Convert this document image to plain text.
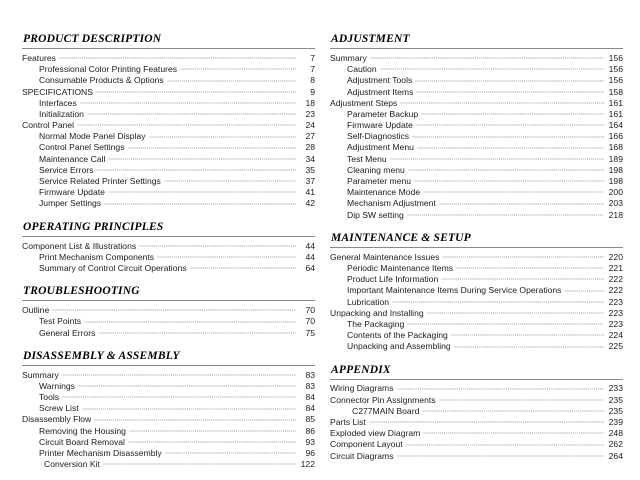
PRODUCT DESCRIPTION
Features	7
Professional Color Printing Features	7
Consumable Products & Options	8
SPECIFICATIONS	9
Interfaces	18
Initialization	23
Control Panel	24
Normal Mode Panel Display	27
Control Panel Settings	28
Maintenance Call	34
Service Errors	35
Service Related Printer Settings	37
Firmware Update	41
Jumper Settings	42
OPERATING PRINCIPLES
Component List & Illustrations	44
Print Mechanism Components	44
Summary of Control Circuit Operations	64
TROUBLESHOOTING
Outline	70
Test Points	70
General Errors	75
DISASSEMBLY & ASSEMBLY
Summary	83
Warnings	83
Tools	84
Screw List	84
Disassembly Flow	85
Removing the Housing	86
Circuit Board Removal	93
Printer Mechanism Disassembly	96
Conversion Kit	122
ADJUSTMENT
Summary	156
Caution	156
Adjustment Tools	156
Adjustment Items	158
Adjustment Steps	161
Parameter Backup	161
Firmware Update	164
Self-Diagnostics	166
Adjustment Menu	168
Test Menu	189
Cleaning menu	198
Parameter menu	198
Maintenance Mode	200
Mechanism Adjustment	203
Dip SW setting	218
MAINTENANCE & SETUP
General Maintenance Issues	220
Periodic Maintenance Items	221
Product Life Information	222
Important Maintenance Items During Service Operations	222
Lubrication	223
Unpacking and Installing	223
The Packaging	223
Contents of the Packaging	224
Unpacking and Assembling	225
APPENDIX
Wiring Diagrams	233
Connector Pin Assignments	235
C277MAIN Board	235
Parts List	239
Exploded view Diagram	248
Component Layout	262
Circuit Diagrams	264
